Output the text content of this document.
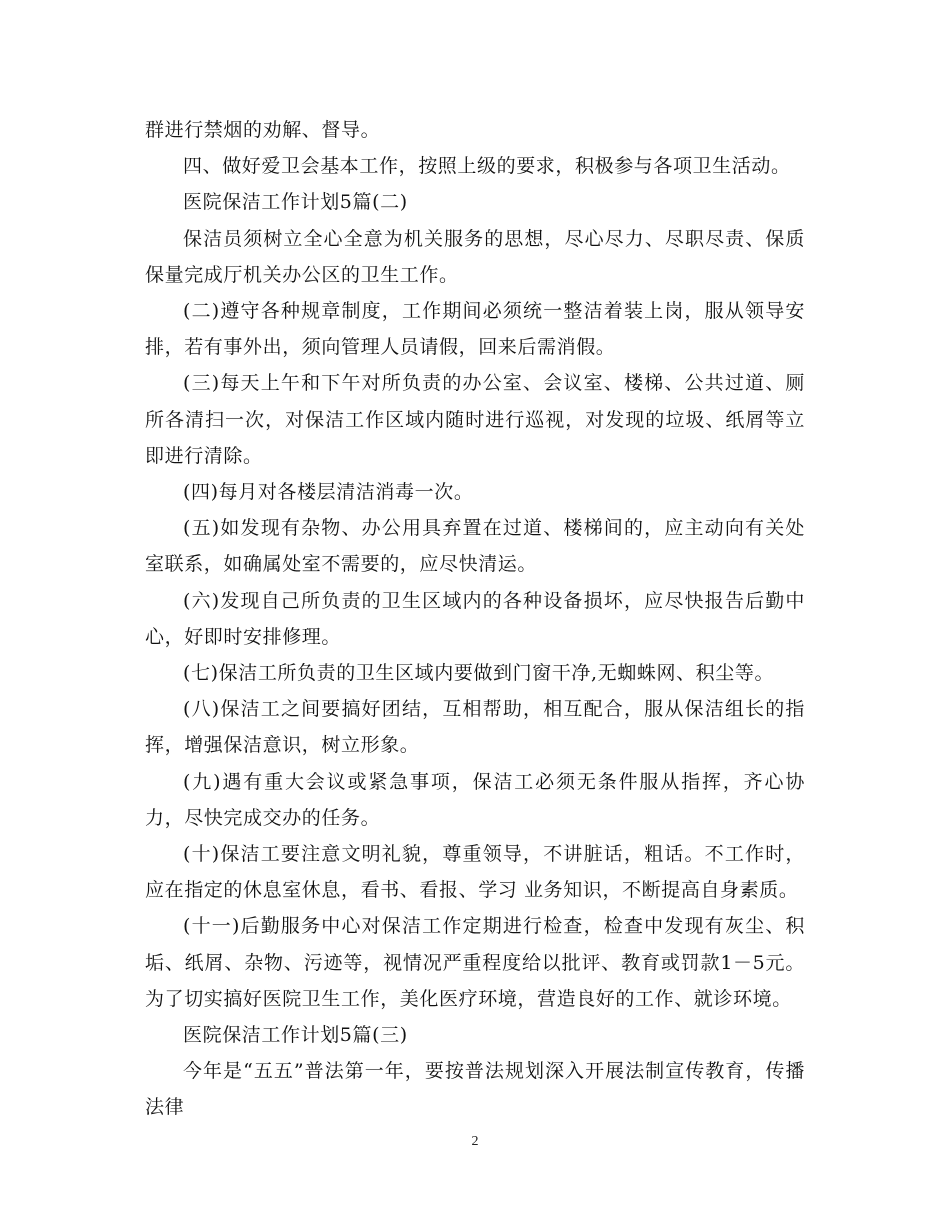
群进行禁烟的劝解、督导。

四、做好爱卫会基本工作，按照上级的要求，积极参与各项卫生活动。

医院保洁工作计划5篇(二)

保洁员须树立全心全意为机关服务的思想，尽心尽力、尽职尽责、保质保量完成厅机关办公区的卫生工作。

(二)遵守各种规章制度，工作期间必须统一整洁着装上岗，服从领导安排，若有事外出，须向管理人员请假，回来后需消假。

(三)每天上午和下午对所负责的办公室、会议室、楼梯、公共过道、厕所各清扫一次，对保洁工作区域内随时进行巡视，对发现的垃圾、纸屑等立即进行清除。

(四)每月对各楼层清洁消毒一次。

(五)如发现有杂物、办公用具弃置在过道、楼梯间的，应主动向有关处室联系，如确属处室不需要的，应尽快清运。

(六)发现自己所负责的卫生区域内的各种设备损坏，应尽快报告后勤中心，好即时安排修理。

(七)保洁工所负责的卫生区域内要做到门窗干净,无蜘蛛网、积尘等。

(八)保洁工之间要搞好团结，互相帮助，相互配合，服从保洁组长的指挥，增强保洁意识，树立形象。

(九)遇有重大会议或紧急事项，保洁工必须无条件服从指挥，齐心协力，尽快完成交办的任务。

(十)保洁工要注意文明礼貌，尊重领导，不讲脏话，粗话。不工作时，应在指定的休息室休息，看书、看报、学习 业务知识，不断提高自身素质。

(十一)后勤服务中心对保洁工作定期进行检查，检查中发现有灰尘、积垢、纸屑、杂物、污迹等，视情况严重程度给以批评、教育或罚款1－5元。为了切实搞好医院卫生工作，美化医疗环境，营造良好的工作、就诊环境。

医院保洁工作计划5篇(三)

今年是“五五”普法第一年，要按普法规划深入开展法制宣传教育，传播法律

2
